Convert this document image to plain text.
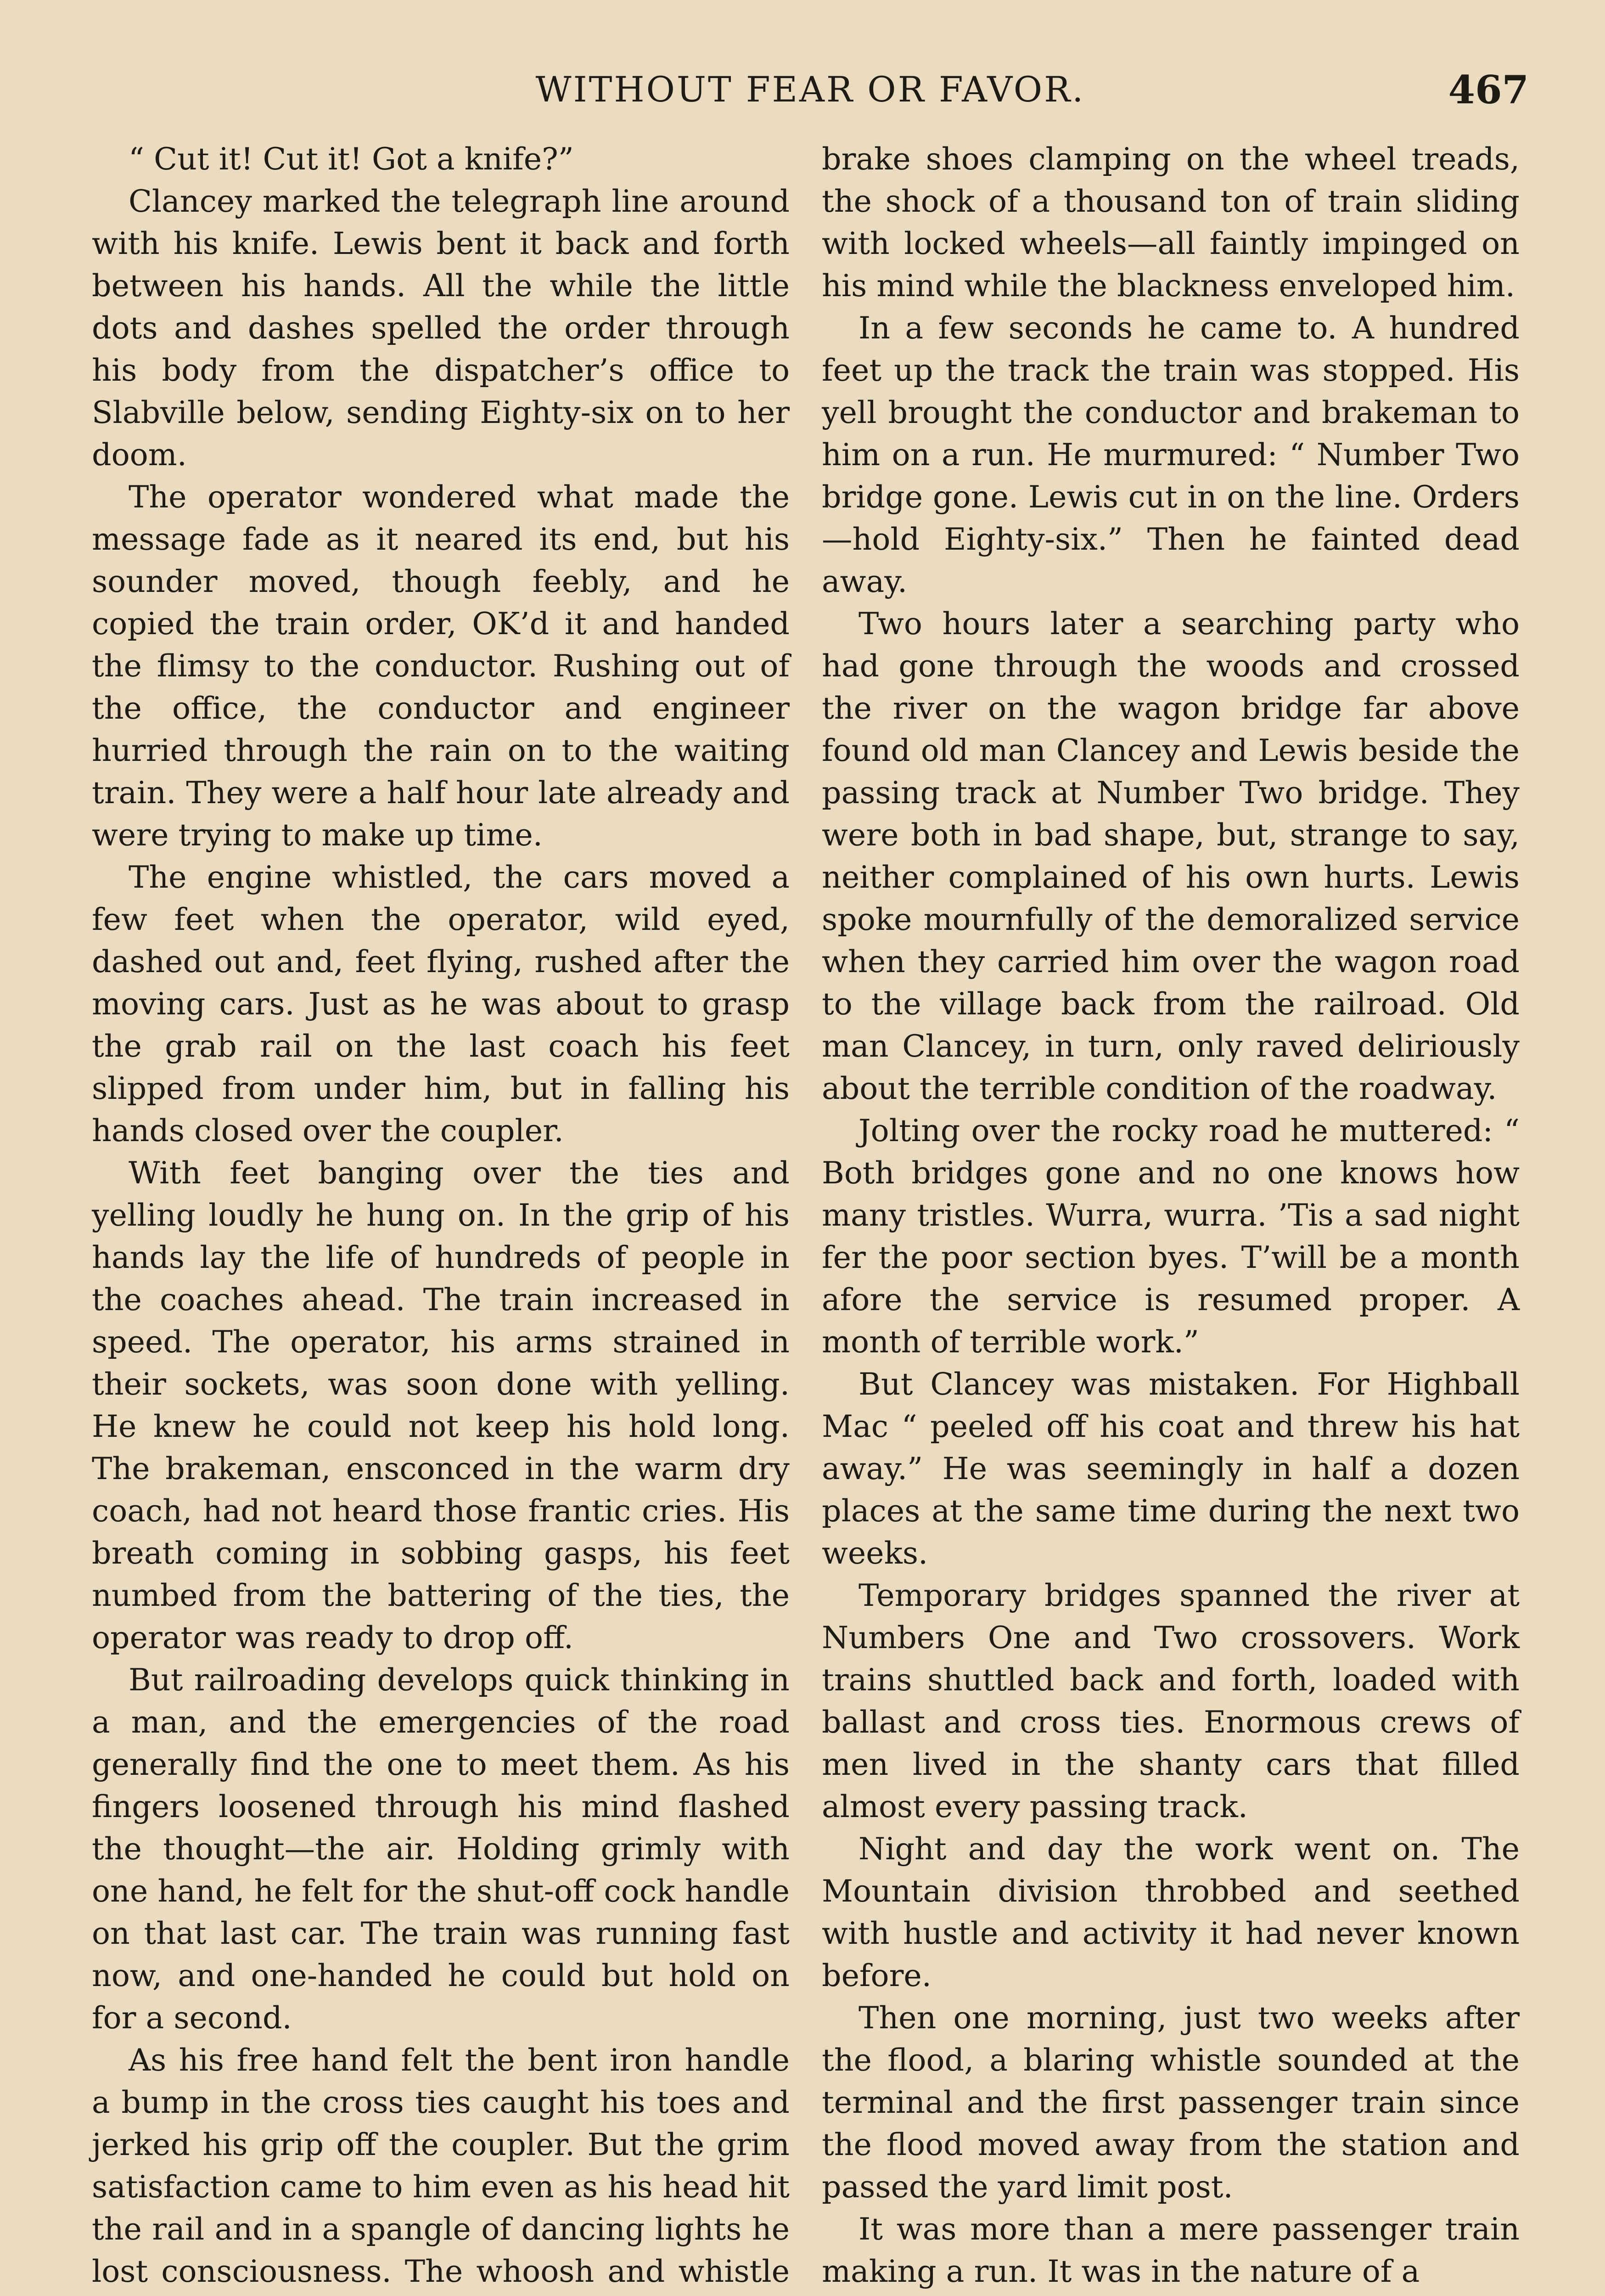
WITHOUT FEAR OR FAVOR.	467

“ Cut it! Cut it! Got a knife?”

Clancey marked the telegraph line around with his knife. Lewis bent it back and forth between his hands. All the while the little dots and dashes spelled the order through his body from the dispatcher’s office to Slabville below, sending Eighty-six on to her doom.

The operator wondered what made the message fade as it neared its end, but his sounder moved, though feebly, and he copied the train order, OK’d it and handed the flimsy to the conductor. Rushing out of the office, the conductor and engineer hurried through the rain on to the waiting train. They were a half hour late already and were trying to make up time.

The engine whistled, the cars moved a few feet when the operator, wild eyed, dashed out and, feet flying, rushed after the moving cars. Just as he was about to grasp the grab rail on the last coach his feet slipped from under him, but in falling his hands closed over the coupler.

With feet banging over the ties and yelling loudly he hung on. In the grip of his hands lay the life of hundreds of people in the coaches ahead. The train increased in speed. The operator, his arms strained in their sockets, was soon done with yelling. He knew he could not keep his hold long. The brakeman, ensconced in the warm dry coach, had not heard those frantic cries. His breath coming in sobbing gasps, his feet numbed from the battering of the ties, the operator was ready to drop off.

But railroading develops quick thinking in a man, and the emergencies of the road generally find the one to meet them. As his fingers loosened through his mind flashed the thought—the air. Holding grimly with one hand, he felt for the shut-off cock handle on that last car. The train was running fast now, and one-handed he could but hold on for a second.

As his free hand felt the bent iron handle a bump in the cross ties caught his toes and jerked his grip off the coupler. But the grim satisfaction came to him even as his head hit the rail and in a spangle of dancing lights he lost consciousness. The whoosh and whistle

brake shoes clamping on the wheel treads, the shock of a thousand ton of train sliding with locked wheels—all faintly impinged on his mind while the blackness enveloped him.

In a few seconds he came to. A hundred feet up the track the train was stopped. His yell brought the conductor and brakeman to him on a run. He murmured: “ Number Two bridge gone. Lewis cut in on the line. Orders—hold Eighty-six.” Then he fainted dead away.

Two hours later a searching party who had gone through the woods and crossed the river on the wagon bridge far above found old man Clancey and Lewis beside the passing track at Number Two bridge. They were both in bad shape, but, strange to say, neither complained of his own hurts. Lewis spoke mournfully of the demoralized service when they carried him over the wagon road to the village back from the railroad. Old man Clancey, in turn, only raved deliriously about the terrible condition of the roadway.

Jolting over the rocky road he muttered: “ Both bridges gone and no one knows how many tristles. Wurra, wurra. ’Tis a sad night fer the poor section byes. T’will be a month afore the service is resumed proper. A month of terrible work.”

But Clancey was mistaken. For Highball Mac “ peeled off his coat and threw his hat away.” He was seemingly in half a dozen places at the same time during the next two weeks.

Temporary bridges spanned the river at Numbers One and Two crossovers. Work trains shuttled back and forth, loaded with ballast and cross ties. Enormous crews of men lived in the shanty cars that filled almost every passing track.

Night and day the work went on. The Mountain division throbbed and seethed with hustle and activity it had never known before.

Then one morning, just two weeks after the flood, a blaring whistle sounded at the terminal and the first passenger train since the flood moved away from the station and passed the yard limit post.

It was more than a mere passenger train making a run. It was in the nature of a
